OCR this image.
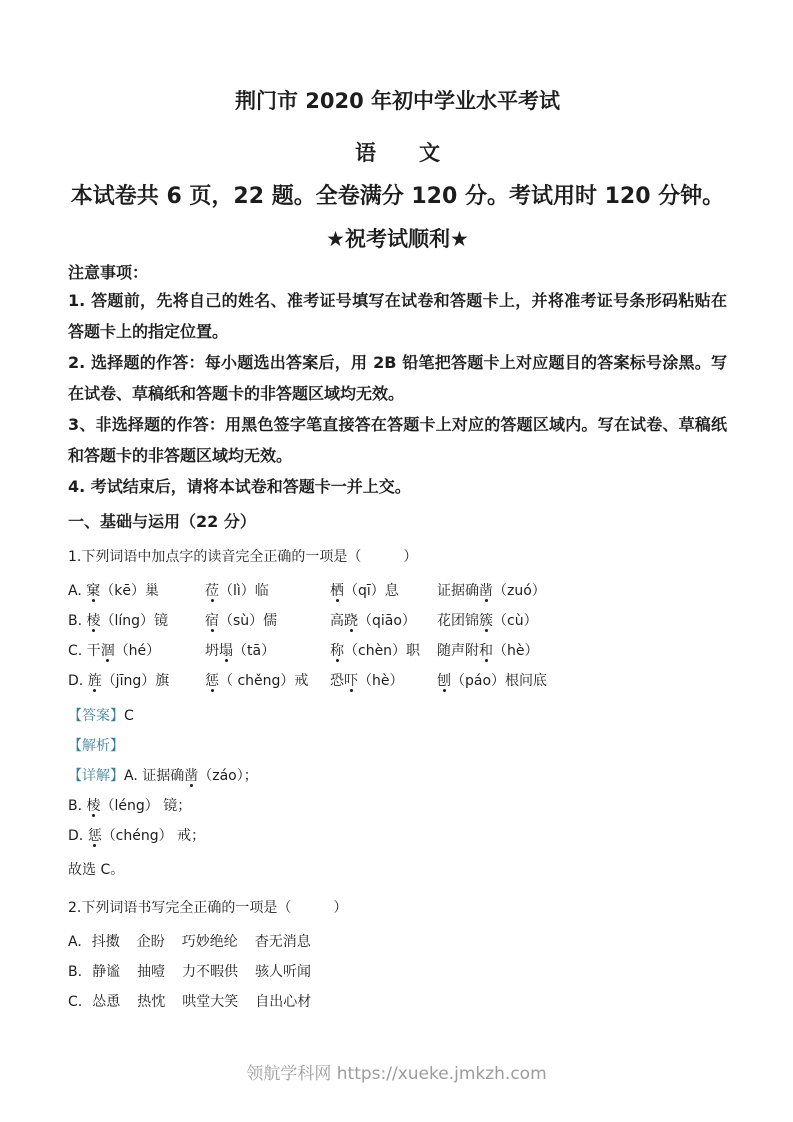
荆门市 2020 年初中学业水平考试
语　文
本试卷共 6 页，22 题。全卷满分 120 分。考试用时 120 分钟。
★祝考试顺利★
注意事项：

1. 答题前，先将自己的姓名、准考证号填写在试卷和答题卡上，并将准考证号条形码粘贴在答题卡上的指定位置。

2. 选择题的作答：每小题选出答案后，用 2B 铅笔把答题卡上对应题目的答案标号涂黑。写在试卷、草稿纸和答题卡的非答题区域均无效。

3、非选择题的作答：用黑色签字笔直接答在答题卡上对应的答题区域内。写在试卷、草稿纸和答题卡的非答题区域均无效。

4. 考试结束后，请将本试卷和答题卡一并上交。

一、基础与运用（22 分）

1.下列词语中加点字的读音完全正确的一项是（　　　）

A. 窠（kē）巢	莅（lì）临	栖（qī）息	证据确凿（zuó）
B. 棱（líng）镜	宿（sù）儒	高跷（qiāo）	花团锦簇（cù）
C. 干涸（hé）	坍塌（tā）	称（chèn）职	随声附和（hè）
D. 旌（jīng）旗	惩（ chěng）戒	恐吓（hè）	刨（páo）根问底

【答案】C

【解析】

【详解】A. 证据确凿（záo）；

B. 棱（léng） 镜；

D. 惩（chéng） 戒；

故选 C。

2.下列词语书写完全正确的一项是（　　　）

A. 抖擞 企盼 巧妙绝纶 杳无消息
B. 静谧 抽噎 力不暇供 骇人听闻
C. 怂恿 热忱 哄堂大笑 自出心材
领航学科网 https://xueke.jmkzh.com
